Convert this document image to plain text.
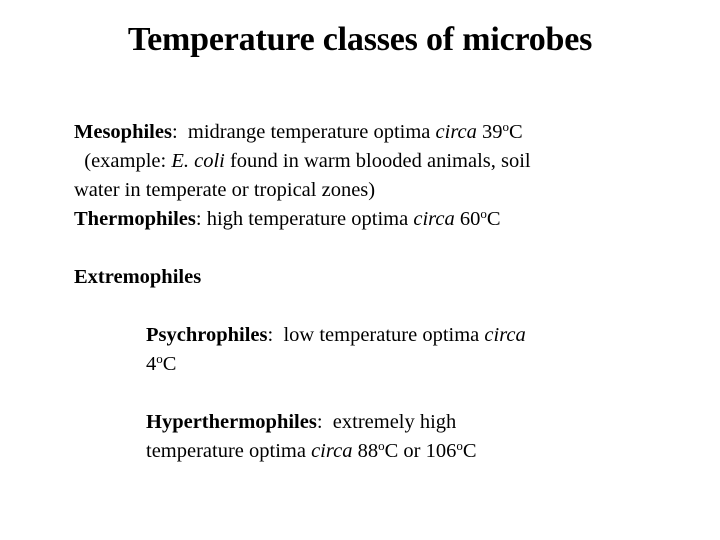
Temperature classes of microbes
Mesophiles:  midrange temperature optima circa 39$^o$C
(example: E. coli found in warm blooded animals, soil
water in temperate or tropical zones)
Thermophiles: high temperature optima circa 60$^o$C
Extremophiles
Psychrophiles:  low temperature optima circa
4$^o$C
Hyperthermophiles:  extremely high
temperature optima circa 88$^o$C or 106$^o$C
